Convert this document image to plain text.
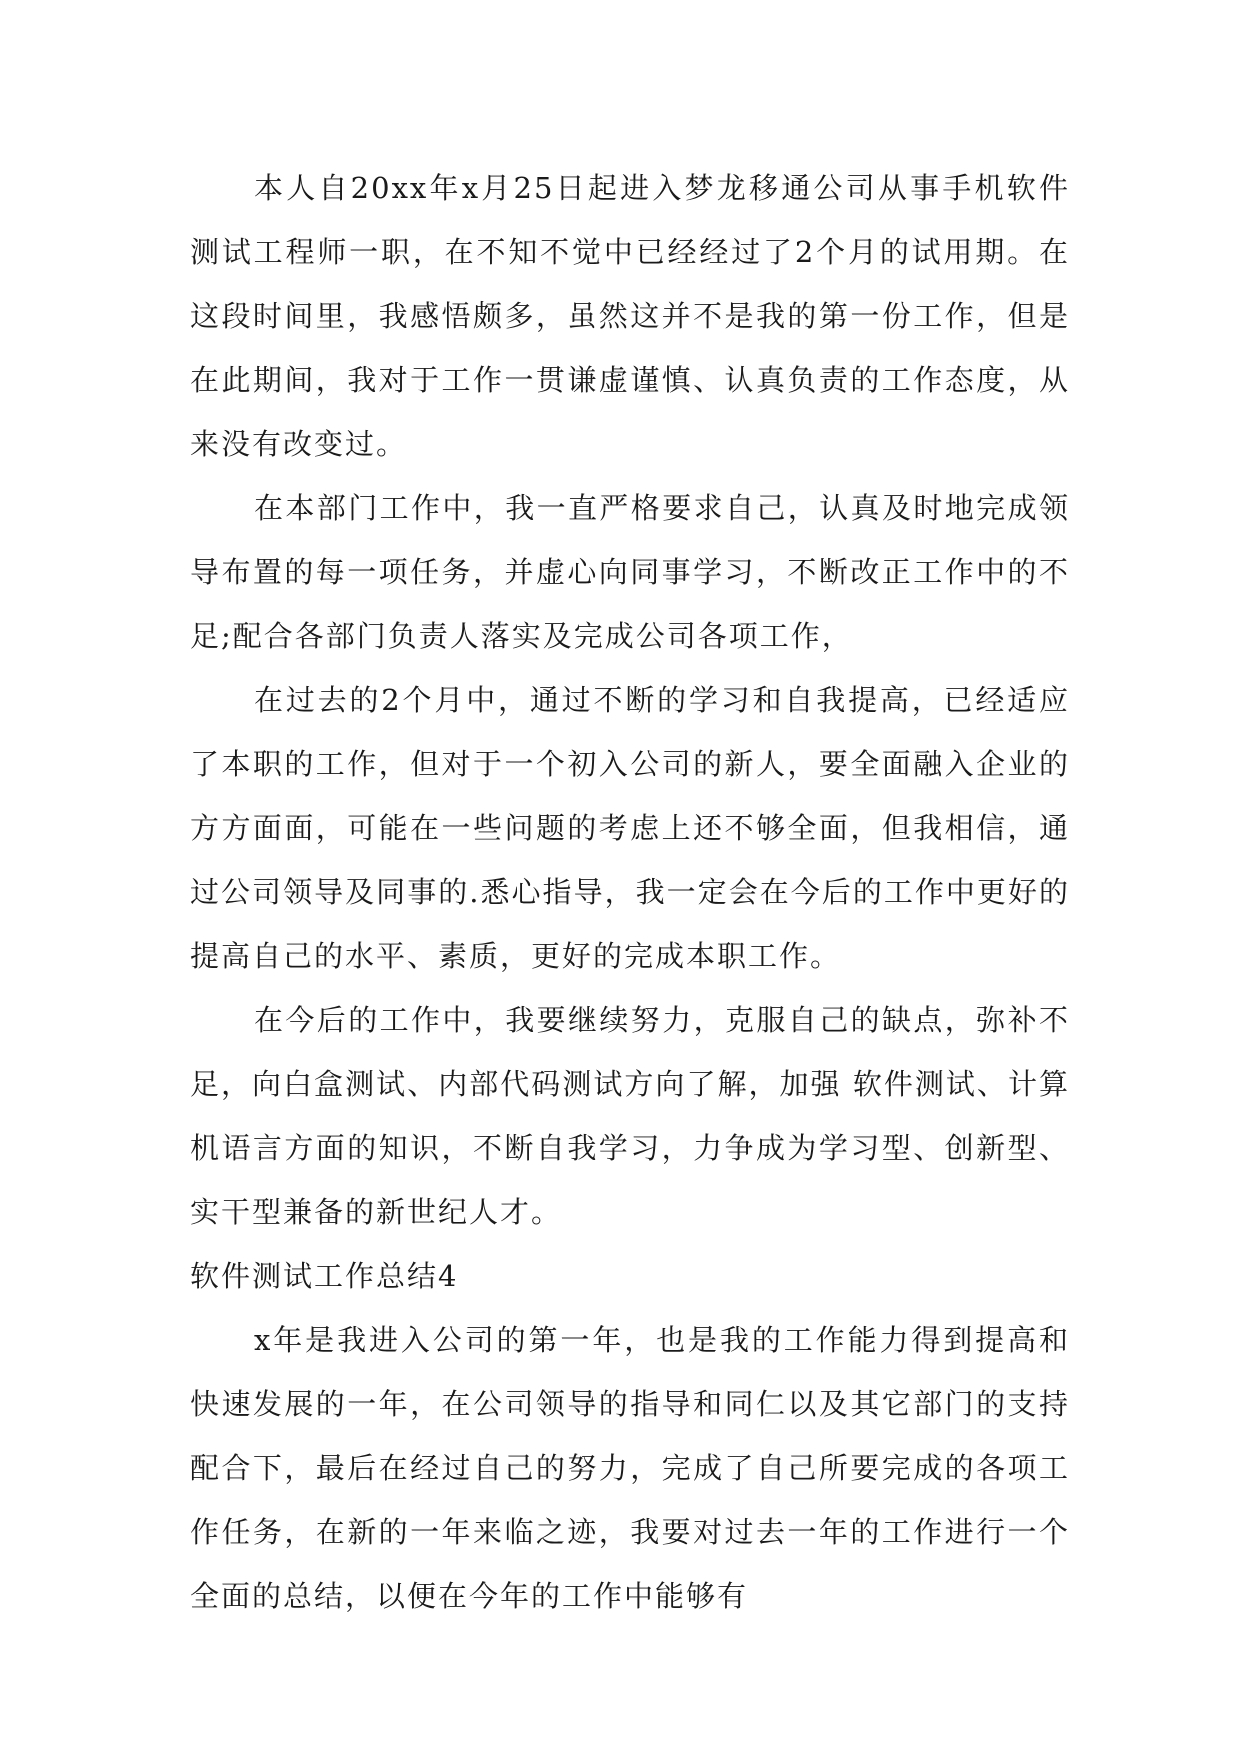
本人自20xx年x月25日起进入梦龙移通公司从事手机软件测试工程师一职，在不知不觉中已经经过了2个月的试用期。在这段时间里，我感悟颇多，虽然这并不是我的第一份工作，但是在此期间，我对于工作一贯谦虚谨慎、认真负责的工作态度，从来没有改变过。

在本部门工作中，我一直严格要求自己，认真及时地完成领导布置的每一项任务，并虚心向同事学习，不断改正工作中的不足;配合各部门负责人落实及完成公司各项工作，

在过去的2个月中，通过不断的学习和自我提高，已经适应了本职的工作，但对于一个初入公司的新人，要全面融入企业的方方面面，可能在一些问题的考虑上还不够全面，但我相信，通过公司领导及同事的.悉心指导，我一定会在今后的工作中更好的提高自己的水平、素质，更好的完成本职工作。

在今后的工作中，我要继续努力，克服自己的缺点，弥补不足，向白盒测试、内部代码测试方向了解，加强 软件测试、计算机语言方面的知识，不断自我学习，力争成为学习型、创新型、实干型兼备的新世纪人才。

软件测试工作总结4

x年是我进入公司的第一年，也是我的工作能力得到提高和快速发展的一年，在公司领导的指导和同仁以及其它部门的支持配合下，最后在经过自己的努力，完成了自己所要完成的各项工作任务，在新的一年来临之迹，我要对过去一年的工作进行一个全面的总结，以便在今年的工作中能够有
